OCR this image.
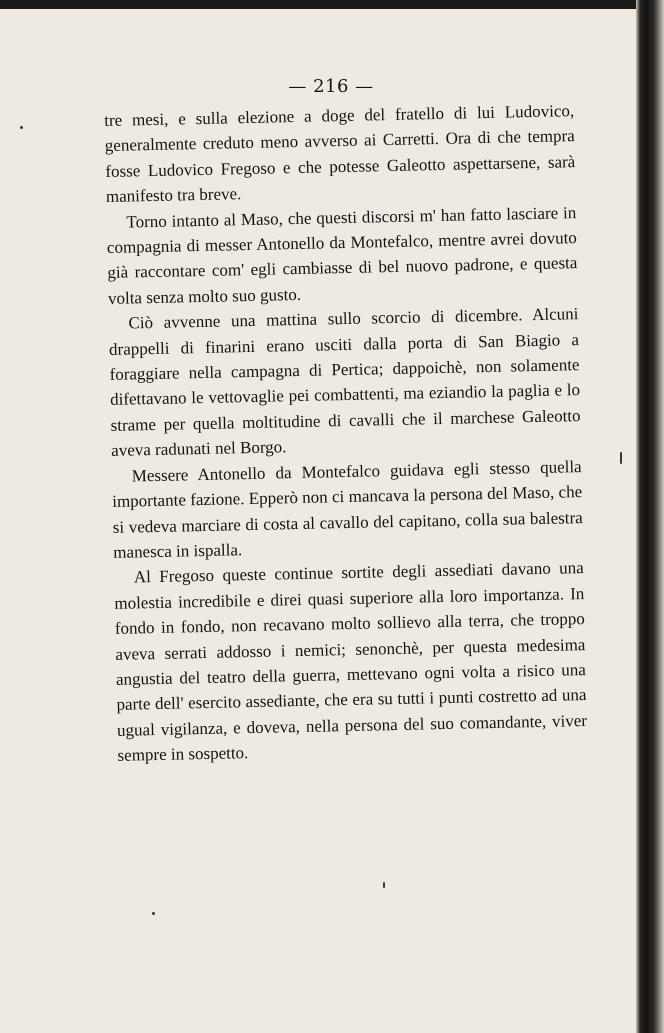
— 216 —

tre mesi, e sulla elezione a doge del fratello di lui Ludovico, generalmente creduto meno avverso ai Carretti. Ora di che tempra fosse Ludovico Fregoso e che potesse Galeotto aspettarsene, sarà manifesto tra breve.

Torno intanto al Maso, che questi discorsi m' han fatto lasciare in compagnia di messer Antonello da Montefalco, mentre avrei dovuto già raccontare com' egli cambiasse di bel nuovo padrone, e questa volta senza molto suo gusto.

Ciò avvenne una mattina sullo scorcio di dicembre. Alcuni drappelli di finarini erano usciti dalla porta di San Biagio a foraggiare nella campagna di Pertica; dappoichè, non solamente difettavano le vettovaglie pei combattenti, ma eziandio la paglia e lo strame per quella moltitudine di cavalli che il marchese Galeotto aveva radunati nel Borgo.

Messere Antonello da Montefalco guidava egli stesso quella importante fazione. Epperò non ci mancava la persona del Maso, che si vedeva marciare di costa al cavallo del capitano, colla sua balestra manesca in ispalla.

Al Fregoso queste continue sortite degli assediati davano una molestia incredibile e direi quasi superiore alla loro importanza. In fondo in fondo, non recavano molto sollievo alla terra, che troppo aveva serrati addosso i nemici; senonchè, per questa medesima angustia del teatro della guerra, mettevano ogni volta a risico una parte dell' esercito assediante, che era su tutti i punti costretto ad una ugual vigilanza, e doveva, nella persona del suo comandante, viver sempre in sospetto.
